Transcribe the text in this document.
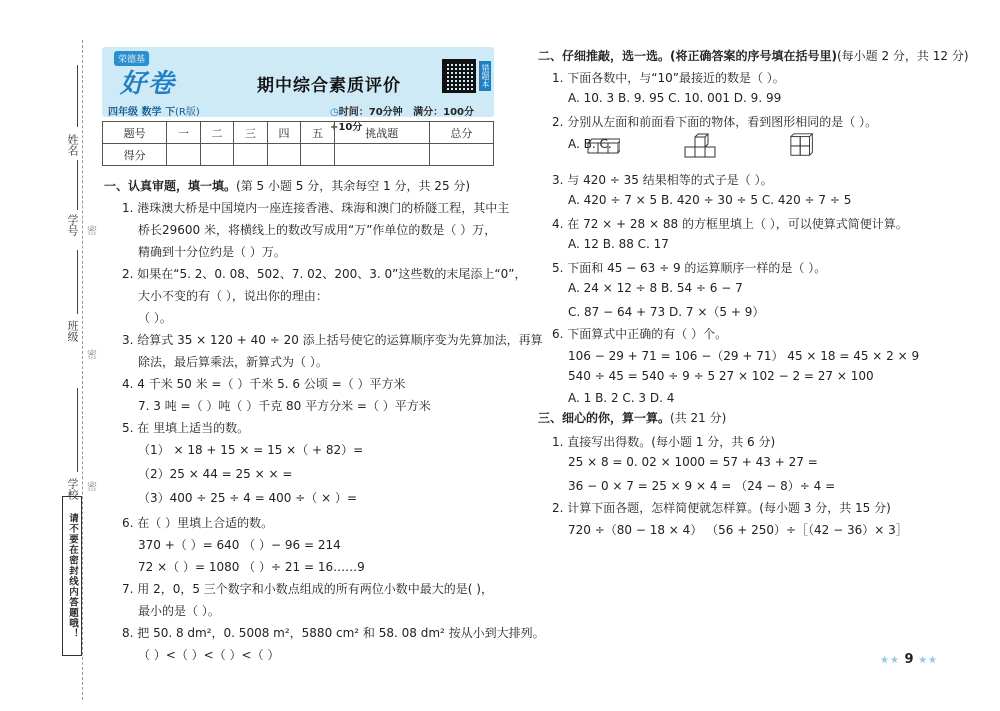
姓名
学号 密
班级
密
学校 密
请不要在密封线内答题哦！
荣德基
好卷
四年级 数学 下(R版)
期中综合素质评价	错题本
◷时间：70分钟 满分：100分+10分
题号	一	二	三	四	五	挑战题	总分
得分							
一、认真审题，填一填。(第 5 小题 5 分，其余每空 1 分，共 25 分)
1. 港珠澳大桥是中国境内一座连接香港、珠海和澳门的桥隧工程，其中主
桥长29600 米，将横线上的数改写成用“万”作单位的数是（ ）万，
精确到十分位约是（ ）万。
2. 如果在“5. 2、0. 08、502、7. 02、200、3. 0”这些数的末尾添上“0”，
大小不变的有（ ），说出你的理由：
（ ）。
3. 给算式 35 × 120 + 40 ÷ 20 添上括号使它的运算顺序变为先算加法，再算
除法，最后算乘法，新算式为（ ）。
4. 4 千米 50 米 =（ ）千米 5. 6 公顷 =（ ）平方米
7. 3 吨 =（ ）吨（ ）千克 80 平方分米 =（ ）平方米
5. 在 里填上适当的数。
（1） × 18 + 15 × = 15 ×（ + 82）=
（2）25 × 44 = 25 × × =
（3）400 ÷ 25 ÷ 4 = 400 ÷（ × ）=
6. 在（ ）里填上合适的数。
370 +（ ）= 640 （ ）− 96 = 214
72 ×（ ）= 1080 （ ）÷ 21 = 16……9
7. 用 2，0，5 三个数字和小数点组成的所有两位小数中最大的是( )，
最小的是（ ）。
8. 把 50. 8 dm²，0. 5008 m²，5880 cm² 和 58. 08 dm² 按从小到大排列。
（ ）<（ ）<（ ）<（ ）
二、仔细推敲，选一选。(将正确答案的序号填在括号里)(每小题 2 分，共 12 分)
1. 下面各数中，与“10”最接近的数是（ ）。
A. 10. 3 B. 9. 95 C. 10. 001 D. 9. 99
2. 分别从左面和前面看下面的物体，看到图形相同的是（ ）。
A. B. C.
3. 与 420 ÷ 35 结果相等的式子是（ ）。
A. 420 ÷ 7 × 5 B. 420 ÷ 30 ÷ 5 C. 420 ÷ 7 ÷ 5
4. 在 72 × + 28 × 88 的方框里填上（ ），可以使算式简便计算。
A. 12 B. 88 C. 17
5. 下面和 45 − 63 ÷ 9 的运算顺序一样的是（ ）。
A. 24 × 12 ÷ 8 B. 54 ÷ 6 − 7
C. 87 − 64 + 73 D. 7 ×（5 + 9）
6. 下面算式中正确的有（ ）个。
106 − 29 + 71 = 106 −（29 + 71） 45 × 18 = 45 × 2 × 9
540 ÷ 45 = 540 ÷ 9 ÷ 5 27 × 102 − 2 = 27 × 100
A. 1 B. 2 C. 3 D. 4
三、细心的你，算一算。(共 21 分)
1. 直接写出得数。(每小题 1 分，共 6 分)
25 × 8 = 0. 02 × 1000 = 57 + 43 + 27 =
36 − 0 × 7 = 25 × 9 × 4 = （24 − 8）÷ 4 =
2. 计算下面各题，怎样简便就怎样算。(每小题 3 分，共 15 分)
720 ÷（80 − 18 × 4） （56 + 250）÷［（42 − 36）× 3］
★★ 9 ★★
